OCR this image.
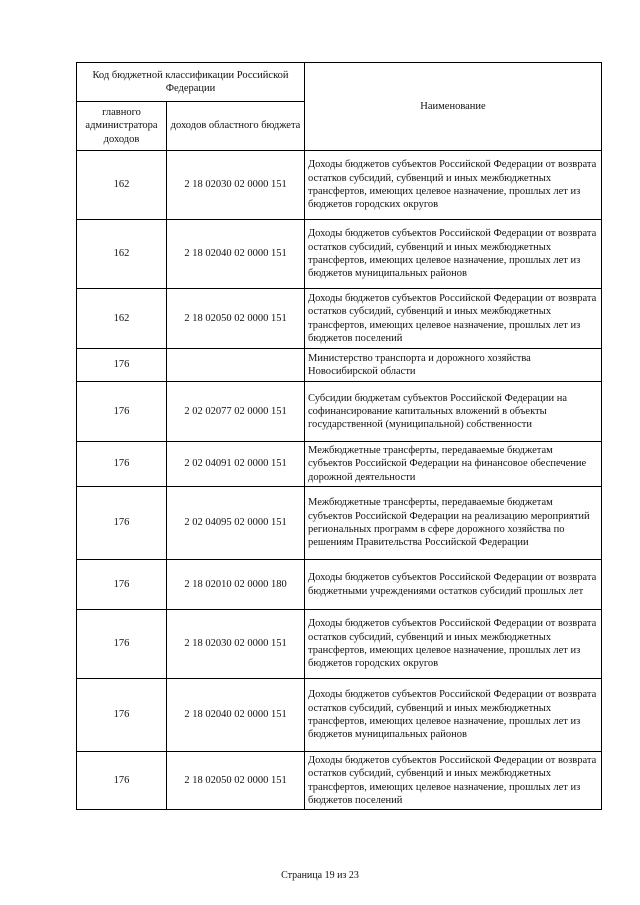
Код бюджетной классификации Российской Федерации		Наименование
главного администратора доходов	доходов областного бюджета	
162	2 18 02030 02 0000 151	Доходы бюджетов субъектов Российской Федерации от возврата остатков субсидий, субвенций и иных межбюджетных трансфертов, имеющих целевое назначение, прошлых лет из бюджетов городских округов
162	2 18 02040 02 0000 151	Доходы бюджетов субъектов Российской Федерации от возврата остатков субсидий, субвенций и иных межбюджетных трансфертов, имеющих целевое назначение, прошлых лет из бюджетов муниципальных районов
162	2 18 02050 02 0000 151	Доходы бюджетов субъектов Российской Федерации от возврата остатков субсидий, субвенций и иных межбюджетных трансфертов, имеющих целевое назначение, прошлых лет из бюджетов поселений
176		Министерство транспорта и дорожного хозяйства Новосибирской области
176	2 02 02077 02 0000 151	Субсидии бюджетам субъектов Российской Федерации на софинансирование капитальных вложений в объекты государственной (муниципальной) собственности
176	2 02 04091 02 0000 151	Межбюджетные трансферты, передаваемые бюджетам субъектов Российской Федерации на финансовое обеспечение дорожной деятельности
176	2 02 04095 02 0000 151	Межбюджетные трансферты, передаваемые бюджетам субъектов Российской Федерации на реализацию мероприятий региональных программ в сфере дорожного хозяйства по решениям Правительства Российской Федерации
176	2 18 02010 02 0000 180	Доходы бюджетов субъектов Российской Федерации от возврата бюджетными учреждениями остатков субсидий прошлых лет
176	2 18 02030 02 0000 151	Доходы бюджетов субъектов Российской Федерации от возврата остатков субсидий, субвенций и иных межбюджетных трансфертов, имеющих целевое назначение, прошлых лет из бюджетов городских округов
176	2 18 02040 02 0000 151	Доходы бюджетов субъектов Российской Федерации от возврата остатков субсидий, субвенций и иных межбюджетных трансфертов, имеющих целевое назначение, прошлых лет из бюджетов муниципальных районов
176	2 18 02050 02 0000 151	Доходы бюджетов субъектов Российской Федерации от возврата остатков субсидий, субвенций и иных межбюджетных трансфертов, имеющих целевое назначение, прошлых лет из бюджетов поселений
Страница 19 из 23
